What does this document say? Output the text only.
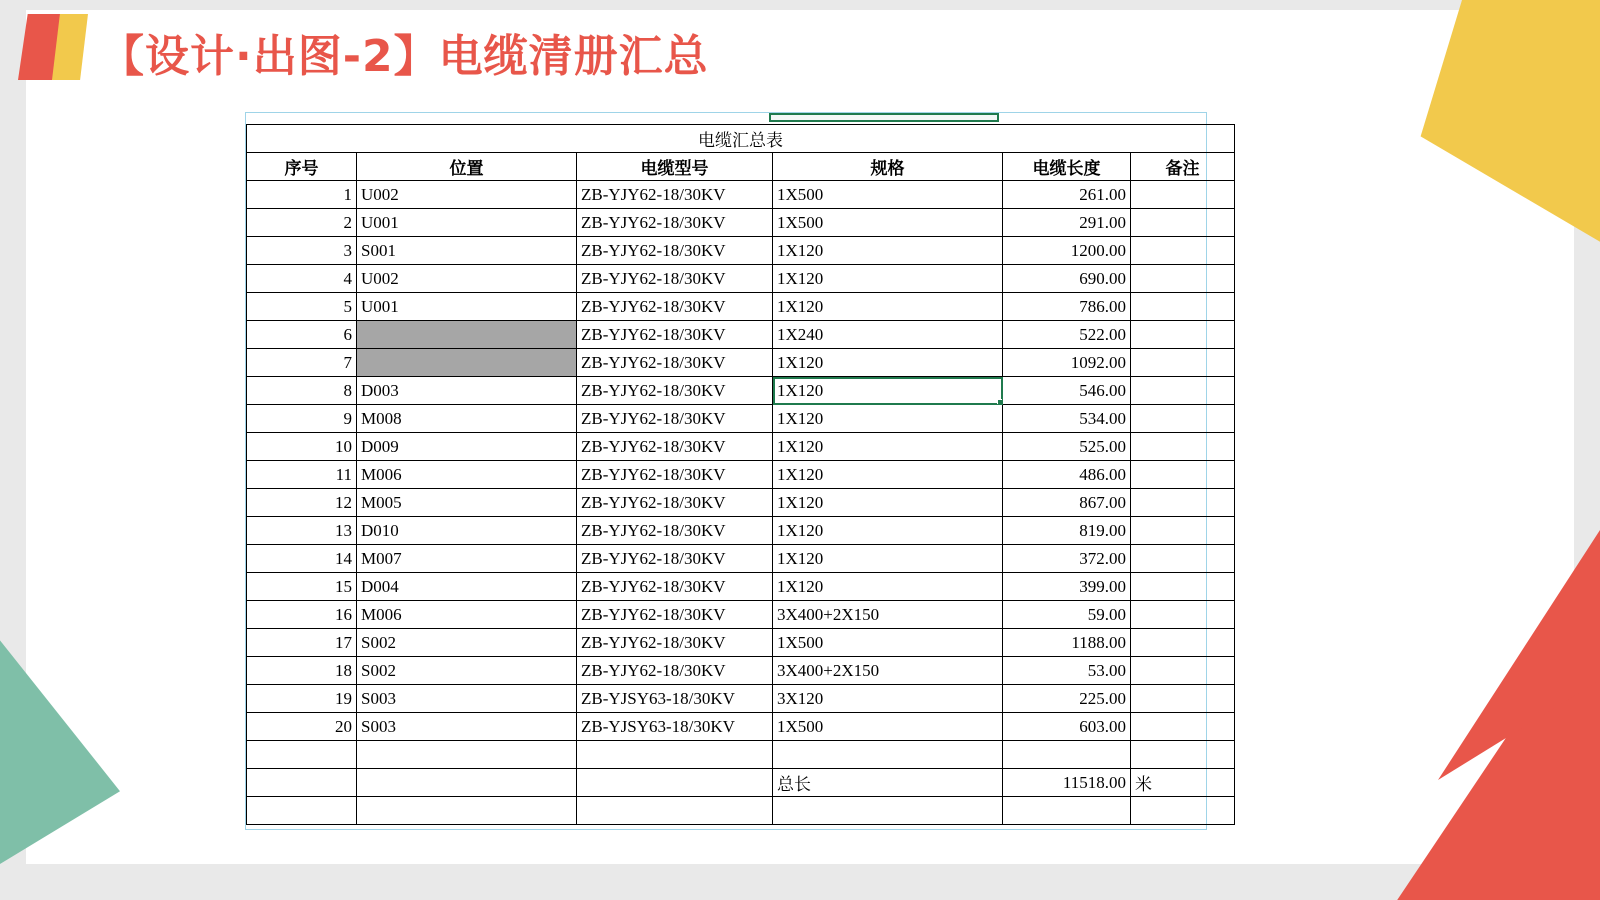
【设计·出图-2】电缆清册汇总
电缆汇总表					
序号	位置	电缆型号	规格	电缆长度	备注
1	U002	ZB-YJY62-18/30KV	1X500	261.00	
2	U001	ZB-YJY62-18/30KV	1X500	291.00	
3	S001	ZB-YJY62-18/30KV	1X120	1200.00	
4	U002	ZB-YJY62-18/30KV	1X120	690.00	
5	U001	ZB-YJY62-18/30KV	1X120	786.00	
6		ZB-YJY62-18/30KV	1X240	522.00	
7		ZB-YJY62-18/30KV	1X120	1092.00	
8	D003	ZB-YJY62-18/30KV	1X120	546.00	
9	M008	ZB-YJY62-18/30KV	1X120	534.00	
10	D009	ZB-YJY62-18/30KV	1X120	525.00	
11	M006	ZB-YJY62-18/30KV	1X120	486.00	
12	M005	ZB-YJY62-18/30KV	1X120	867.00	
13	D010	ZB-YJY62-18/30KV	1X120	819.00	
14	M007	ZB-YJY62-18/30KV	1X120	372.00	
15	D004	ZB-YJY62-18/30KV	1X120	399.00	
16	M006	ZB-YJY62-18/30KV	3X400+2X150	59.00	
17	S002	ZB-YJY62-18/30KV	1X500	1188.00	
18	S002	ZB-YJY62-18/30KV	3X400+2X150	53.00	
19	S003	ZB-YJSY63-18/30KV	3X120	225.00	
20	S003	ZB-YJSY63-18/30KV	1X500	603.00	

			总长	11518.00	米
